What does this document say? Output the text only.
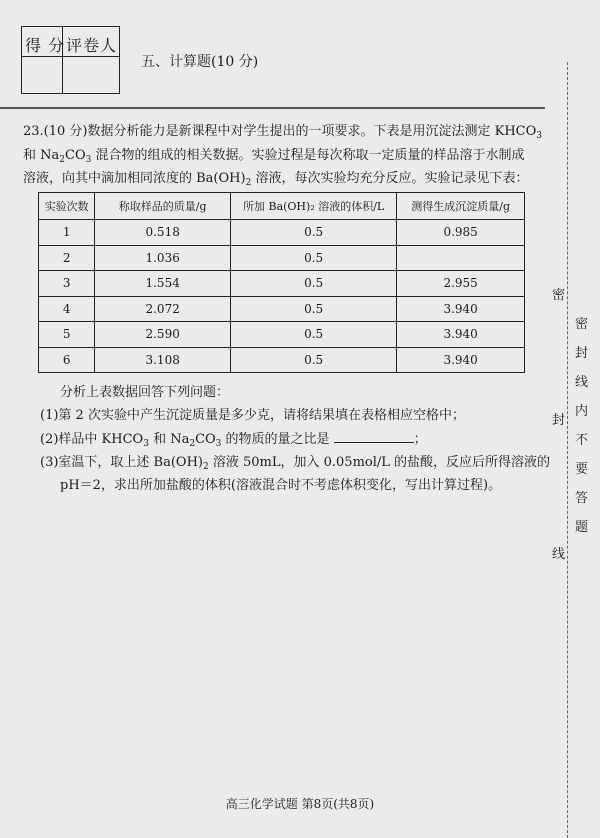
得 分 评卷人
五、计算题(10 分)
23.(10 分)数据分析能力是新课程中对学生提出的一项要求。下表是用沉淀法测定 $KHCO_3$
和 $Na_2CO_3$ 混合物的组成的相关数据。实验过程是每次称取一定质量的样品溶于水制成
溶液，向其中滴加相同浓度的 $Ba(OH)_2$ 溶液，每次实验均充分反应。实验记录见下表：
实验次数	称取样品的质量/g	所加 Ba(OH)₂ 溶液的体积/L	测得生成沉淀质量/g
1	0.518	0.5	0.985
2	1.036	0.5	
3	1.554	0.5	2.955
4	2.072	0.5	3.940
5	2.590	0.5	3.940
6	3.108	0.5	3.940
分析上表数据回答下列问题：
(1)第 2 次实验中产生沉淀质量是多少克，请将结果填在表格相应空格中；
(2)样品中 $KHCO_3$ 和 $Na_2CO_3$ 的物质的量之比是	；
(3)室温下，取上述 $Ba(OH)_2$ 溶液 50mL，加入 0.05mol/L 的盐酸，反应后所得溶液的
pH＝2，求出所加盐酸的体积(溶液混合时不考虑体积变化，写出计算过程)。
密
封
线
密
封
线
内
不
要
答
题
高三化学试题 第8页(共8页)
